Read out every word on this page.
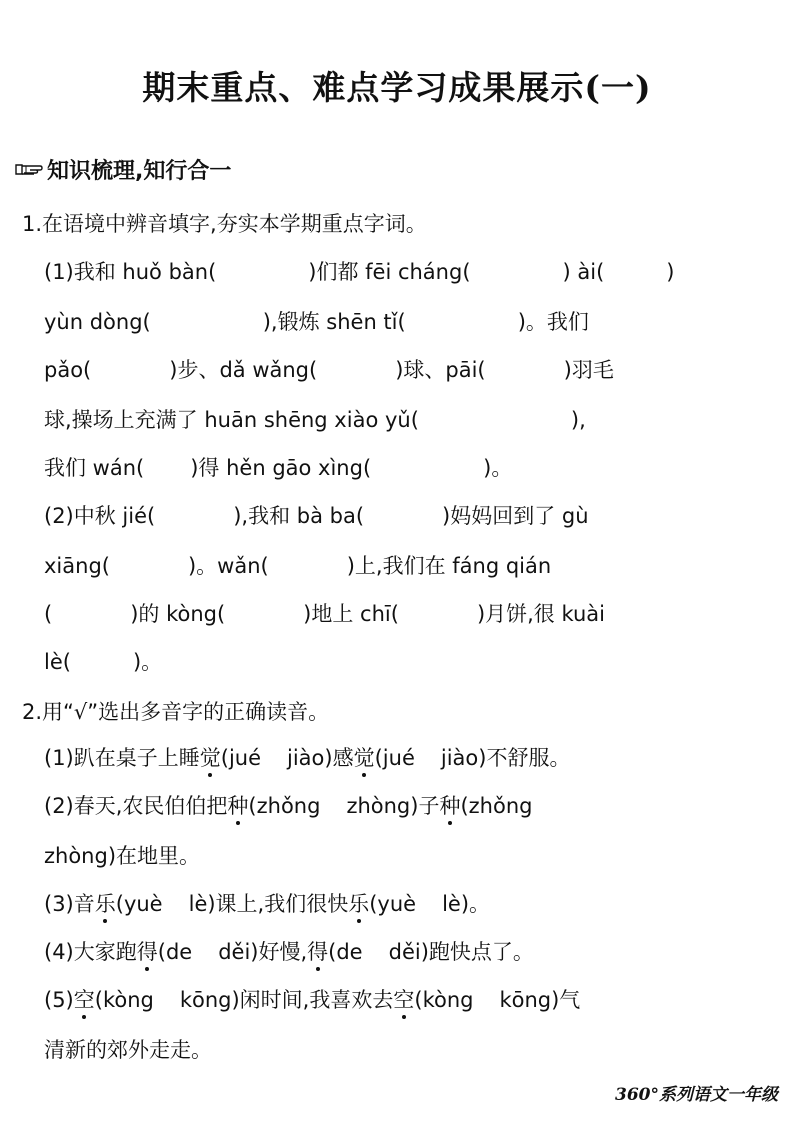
期末重点、难点学习成果展示(一)
知识梳理,知行合一
1.在语境中辨音填字,夯实本学期重点字词。
(1)我和 huǒ bàn(	)们都 fēi cháng(	) ài(	)
yùn dòng(	),锻炼 shēn tǐ(	)。我们
pǎo(	)步、dǎ wǎng(	)球、pāi(	)羽毛
球,操场上充满了 huān shēng xiào yǔ(	),
我们 wán( )得 hěn gāo xìng(	)。
(2)中秋 jié(	),我和 bà ba(	)妈妈回到了 gù
xiāng(	)。wǎn(	)上,我们在 fáng qián
(	)的 kòng(	)地上 chī(	)月饼,很 kuài
lè(	)。
2.用“√”选出多音字的正确读音。
(1)趴在桌子上睡觉(jué jiào)感觉(jué jiào)不舒服。
(2)春天,农民伯伯把种(zhǒng zhòng)子种(zhǒng
zhòng)在地里。
(3)音乐(yuè lè)课上,我们很快乐(yuè lè)。
(4)大家跑得(de děi)好慢,得(de děi)跑快点了。
(5)空(kòng kōng)闲时间,我喜欢去空(kòng kōng)气
清新的郊外走走。
360°系列语文一年级
